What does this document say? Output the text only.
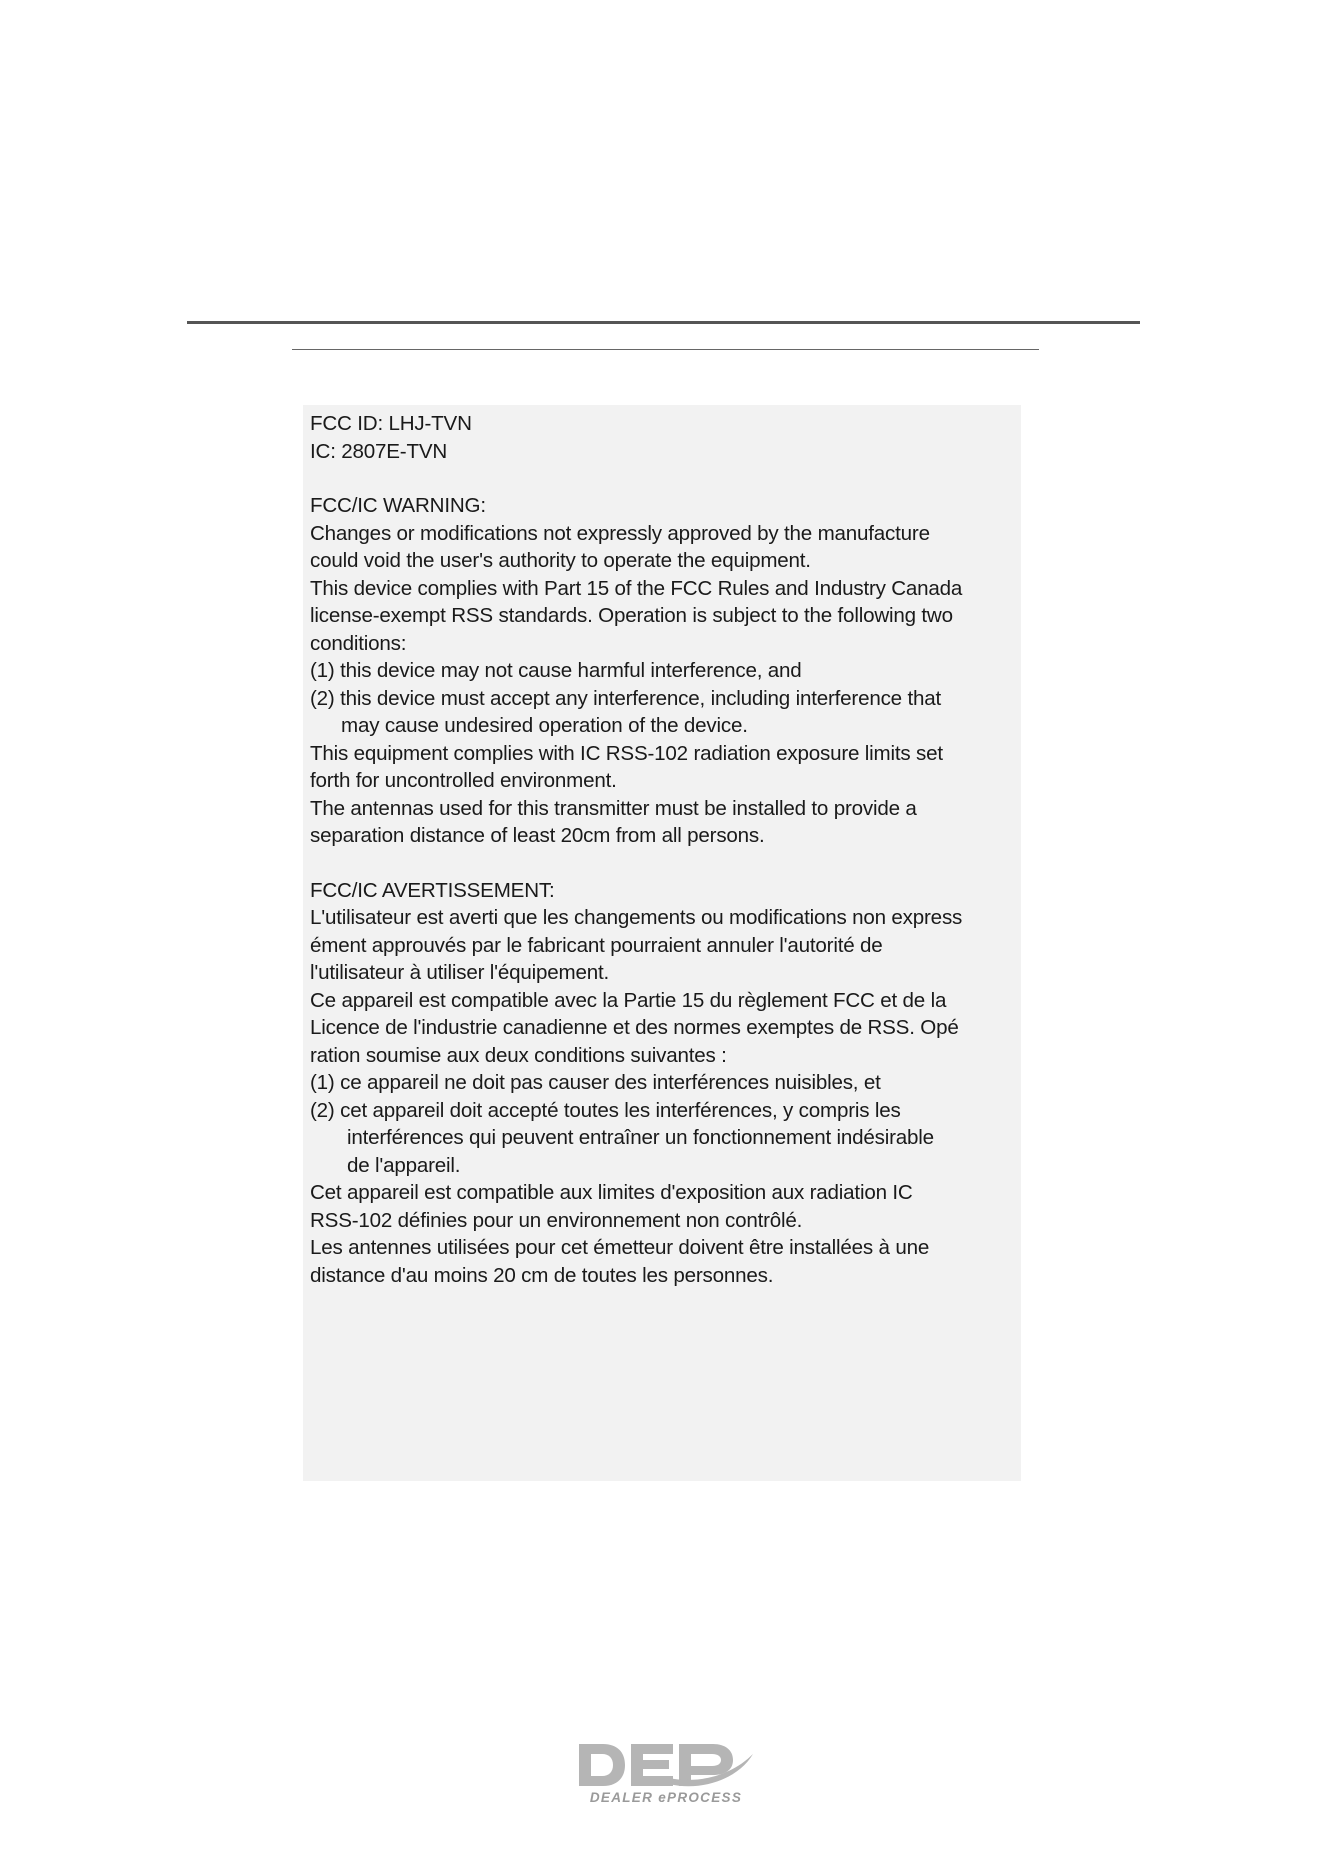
FCC ID: LHJ-TVN
IC: 2807E-TVN
FCC/IC WARNING:
Changes or modifications not expressly approved by the manufacture
could void the user's authority to operate the equipment.
This device complies with Part 15 of the FCC Rules and Industry Canada
license-exempt RSS standards. Operation is subject to the following two
conditions:
(1) this device may not cause harmful interference, and
(2) this device must accept any interference, including interference that
may cause undesired operation of the device.
This equipment complies with IC RSS-102 radiation exposure limits set
forth for uncontrolled environment.
The antennas used for this transmitter must be installed to provide a
separation distance of least 20cm from all persons.
FCC/IC AVERTISSEMENT:
L'utilisateur est averti que les changements ou modifications non express
ément approuvés par le fabricant pourraient annuler l'autorité de
l'utilisateur à utiliser l'équipement.
Ce appareil est compatible avec la Partie 15 du règlement FCC et de la
Licence de l'industrie canadienne et des normes exemptes de RSS. Opé
ration soumise aux deux conditions suivantes :
(1) ce appareil ne doit pas causer des interférences nuisibles, et
(2) cet appareil doit accepté toutes les interférences, y compris les
interférences qui peuvent entraîner un fonctionnement indésirable
de l'appareil.
Cet appareil est compatible aux limites d'exposition aux radiation IC
RSS-102 définies pour un environnement non contrôlé.
Les antennes utilisées pour cet émetteur doivent être installées à une
distance d'au moins 20 cm de toutes les personnes.
DEALER ePROCESS
